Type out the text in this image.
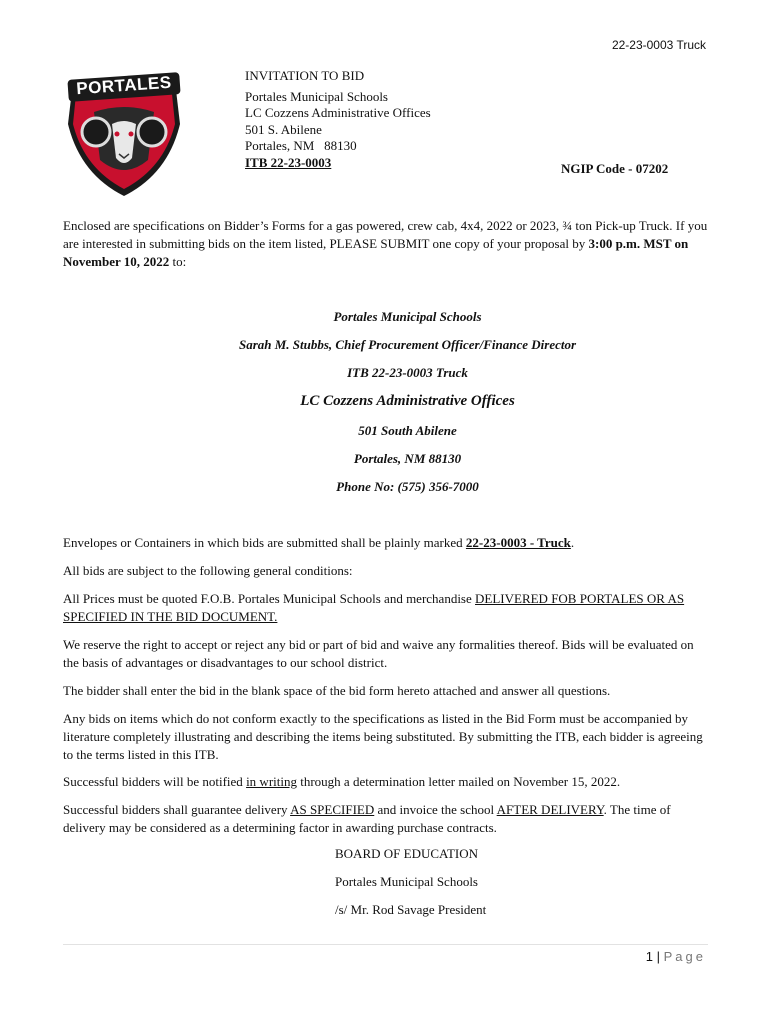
22-23-0003 Truck
PORTALES	INVITATION TO BID
Portales Municipal Schools
LC Cozzens Administrative Offices
501 S. Abilene
Portales, NM   88130
ITB 22-23-0003	NGIP Code - 07202
Enclosed are specifications on Bidder’s Forms for a gas powered, crew cab, 4x4, 2022 or 2023, ¾ ton Pick-up Truck. If you are interested in submitting bids on the item listed, PLEASE SUBMIT one copy of your proposal by 3:00 p.m. MST on November 10, 2022 to:
Portales Municipal Schools
Sarah M. Stubbs, Chief Procurement Officer/Finance Director
ITB 22-23-0003 Truck
LC Cozzens Administrative Offices
501 South Abilene
Portales, NM 88130
Phone No: (575) 356-7000
Envelopes or Containers in which bids are submitted shall be plainly marked 22-23-0003 - Truck.
All bids are subject to the following general conditions:
All Prices must be quoted F.O.B. Portales Municipal Schools and merchandise DELIVERED FOB PORTALES OR AS SPECIFIED IN THE BID DOCUMENT.
We reserve the right to accept or reject any bid or part of bid and waive any formalities thereof. Bids will be evaluated on the basis of advantages or disadvantages to our school district.
The bidder shall enter the bid in the blank space of the bid form hereto attached and answer all questions.
Any bids on items which do not conform exactly to the specifications as listed in the Bid Form must be accompanied by literature completely illustrating and describing the items being substituted. By submitting the ITB, each bidder is agreeing to the terms listed in this ITB.
Successful bidders will be notified in writing through a determination letter mailed on November 15, 2022.
Successful bidders shall guarantee delivery AS SPECIFIED and invoice the school AFTER DELIVERY. The time of delivery may be considered as a determining factor in awarding purchase contracts.
BOARD OF EDUCATION
Portales Municipal Schools
/s/ Mr. Rod Savage President
1 | Page
